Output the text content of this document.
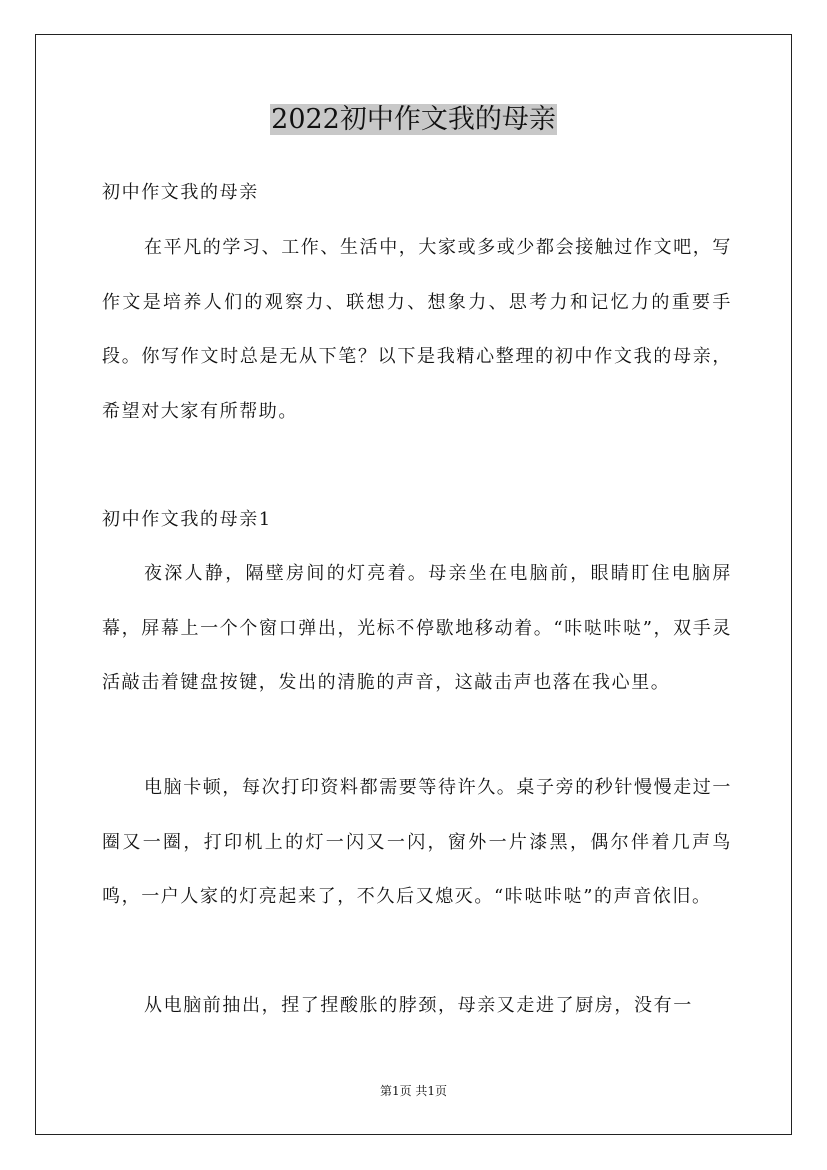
2022初中作文我的母亲

初中作文我的母亲

在平凡的学习、工作、生活中，大家或多或少都会接触过作文吧，写作文是培养人们的观察力、联想力、想象力、思考力和记忆力的重要手段。你写作文时总是无从下笔？以下是我精心整理的初中作文我的母亲，希望对大家有所帮助。

初中作文我的母亲1

夜深人静，隔壁房间的灯亮着。母亲坐在电脑前，眼睛盯住电脑屏幕，屏幕上一个个窗口弹出，光标不停歇地移动着。“咔哒咔哒”，双手灵活敲击着键盘按键，发出的清脆的声音，这敲击声也落在我心里。

电脑卡顿，每次打印资料都需要等待许久。桌子旁的秒针慢慢走过一圈又一圈，打印机上的灯一闪又一闪，窗外一片漆黑，偶尔伴着几声鸟鸣，一户人家的灯亮起来了，不久后又熄灭。“咔哒咔哒”的声音依旧。

从电脑前抽出，捏了捏酸胀的脖颈，母亲又走进了厨房，没有一

第1页 共1页
